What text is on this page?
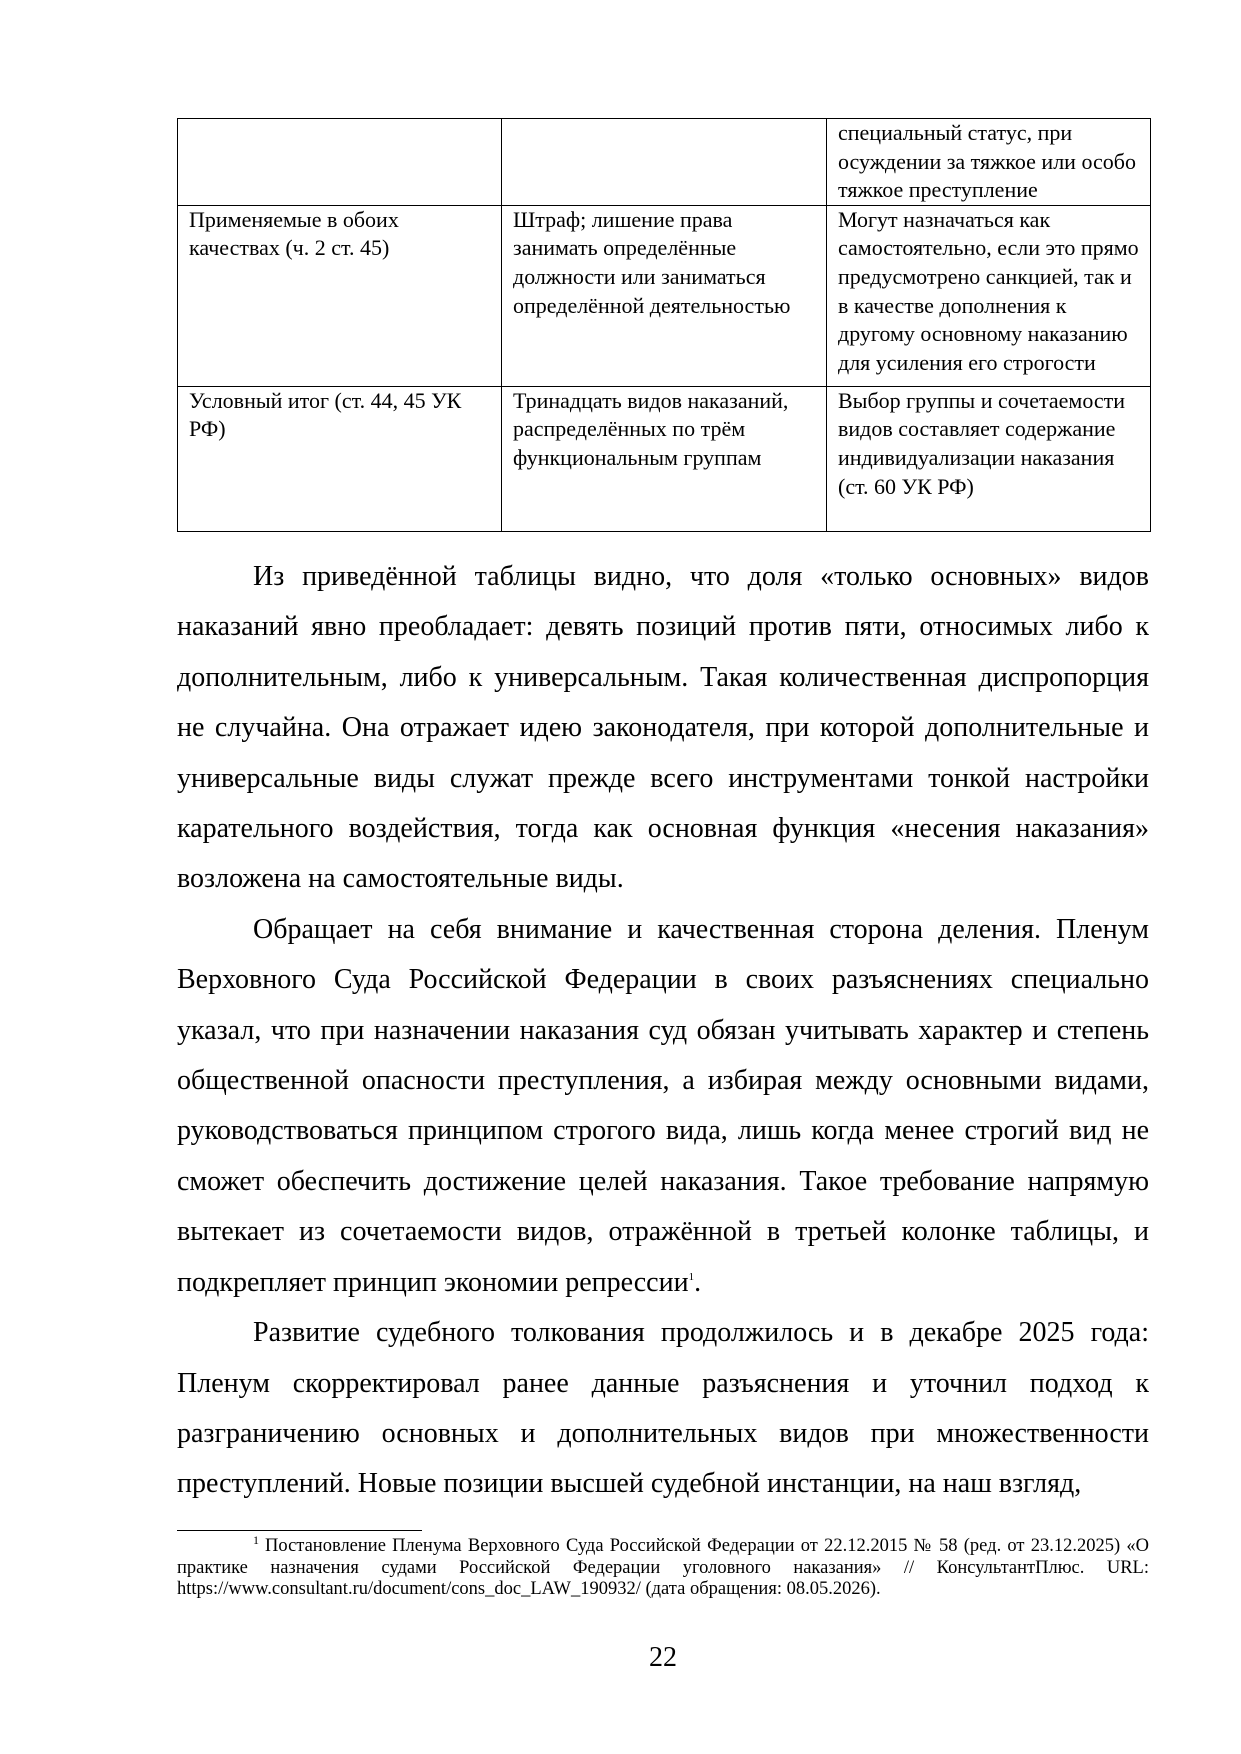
		специальный статус, при осуждении за тяжкое или особо тяжкое преступление
Применяемые в обоих качествах (ч. 2 ст. 45)	Штраф; лишение права занимать определённые должности или заниматься определённой деятельностью	Могут назначаться как самостоятельно, если это прямо предусмотрено санкцией, так и в качестве дополнения к другому основному наказанию для усиления его строгости
Условный итог (ст. 44, 45 УК РФ)	Тринадцать видов наказаний, распределённых по трём функциональным группам	Выбор группы и сочетаемости видов составляет содержание индивидуализации наказания (ст. 60 УК РФ)

Из приведённой таблицы видно, что доля «только основных» видов наказаний явно преобладает: девять позиций против пяти, относимых либо к дополнительным, либо к универсальным. Такая количественная диспропорция не случайна. Она отражает идею законодателя, при которой дополнительные и универсальные виды служат прежде всего инструментами тонкой настройки карательного воздействия, тогда как основная функция «несения наказания» возложена на самостоятельные виды.

Обращает на себя внимание и качественная сторона деления. Пленум Верховного Суда Российской Федерации в своих разъяснениях специально указал, что при назначении наказания суд обязан учитывать характер и степень общественной опасности преступления, а избирая между основными видами, руководствоваться принципом строгого вида, лишь когда менее строгий вид не сможет обеспечить достижение целей наказания. Такое требование напрямую вытекает из сочетаемости видов, отражённой в третьей колонке таблицы, и подкрепляет принцип экономии репрессии$^1$.

Развитие судебного толкования продолжилось и в декабре 2025 года: Пленум скорректировал ранее данные разъяснения и уточнил подход к разграничению основных и дополнительных видов при множественности преступлений. Новые позиции высшей судебной инстанции, на наш взгляд,

$^1$ Постановление Пленума Верховного Суда Российской Федерации от 22.12.2015 № 58 (ред. от 23.12.2025) «О практике назначения судами Российской Федерации уголовного наказания» // КонсультантПлюс. URL: https://www.consultant.ru/document/cons_doc_LAW_190932/ (дата обращения: 08.05.2026).

22
